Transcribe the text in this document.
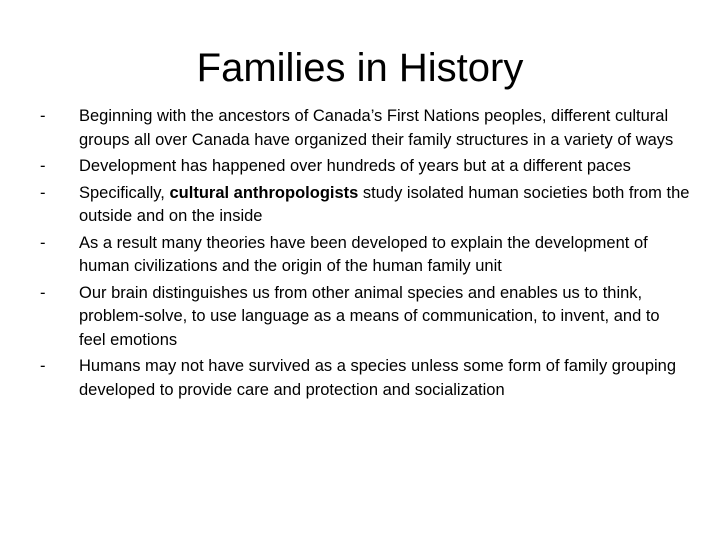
Families in History
- Beginning with the ancestors of Canada’s First Nations peoples, different cultural groups all over Canada have organized their family structures in a variety of ways
- Development has happened over hundreds of years but at a different paces
- Specifically, cultural anthropologists study isolated human societies both from the outside and on the inside
- As a result many theories have been developed to explain the development of human civilizations and the origin of the human family unit
- Our brain distinguishes us from other animal species and enables us to think, problem-solve, to use language as a means of communication, to invent, and to feel emotions
- Humans may not have survived as a species unless some form of family grouping developed to provide care and protection and socialization
